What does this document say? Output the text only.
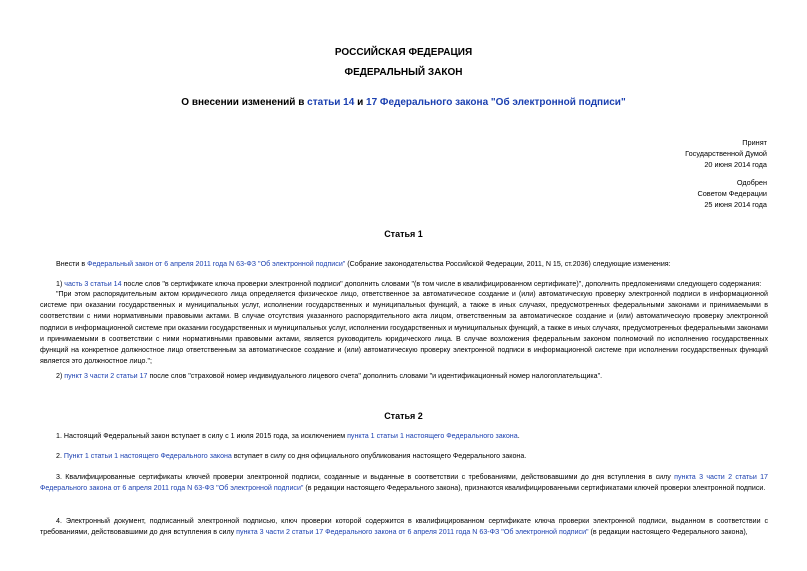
РОССИЙСКАЯ ФЕДЕРАЦИЯ
ФЕДЕРАЛЬНЫЙ ЗАКОН
О внесении изменений в статьи 14 и 17 Федерального закона "Об электронной подписи"
Принят
Государственной Думой
20 июня 2014 года
Одобрен
Советом Федерации
25 июня 2014 года
Статья 1
Внести в Федеральный закон от 6 апреля 2011 года N 63-ФЗ "Об электронной подписи" (Собрание законодательства Российской Федерации, 2011, N 15, ст.2036) следующие изменения:
1) часть 3 статьи 14 после слов "в сертификате ключа проверки электронной подписи" дополнить словами "(в том числе в квалифицированном сертификате)", дополнить предложениями следующего содержания:
"При этом распорядительным актом юридического лица определяется физическое лицо, ответственное за автоматическое создание и (или) автоматическую проверку электронной подписи в информационной системе при оказании государственных и муниципальных услуг, исполнении государственных и муниципальных функций, а также в иных случаях, предусмотренных федеральными законами и принимаемыми в соответствии с ними нормативными правовыми актами. В случае отсутствия указанного распорядительного акта лицом, ответственным за автоматическое создание и (или) автоматическую проверку электронной подписи в информационной системе при оказании государственных и муниципальных услуг, исполнении государственных и муниципальных функций, а также в иных случаях, предусмотренных федеральными законами и принимаемыми в соответствии с ними нормативными правовыми актами, является руководитель юридического лица. В случае возложения федеральным законом полномочий по исполнению государственных функций на конкретное должностное лицо ответственным за автоматическое создание и (или) автоматическую проверку электронной подписи в информационной системе при исполнении государственных функций является это должностное лицо.";
2) пункт 3 части 2 статьи 17 после слов "страховой номер индивидуального лицевого счета" дополнить словами "и идентификационный номер налогоплательщика".
Статья 2
1. Настоящий Федеральный закон вступает в силу с 1 июля 2015 года, за исключением пункта 1 статьи 1 настоящего Федерального закона.
2. Пункт 1 статьи 1 настоящего Федерального закона вступает в силу со дня официального опубликования настоящего Федерального закона.
3. Квалифицированные сертификаты ключей проверки электронной подписи, созданные и выданные в соответствии с требованиями, действовавшими до дня вступления в силу пункта 3 части 2 статьи 17 Федерального закона от 6 апреля 2011 года N 63-ФЗ "Об электронной подписи" (в редакции настоящего Федерального закона), признаются квалифицированными сертификатами ключей проверки электронной подписи.
4. Электронный документ, подписанный электронной подписью, ключ проверки которой содержится в квалифицированном сертификате ключа проверки электронной подписи, выданном в соответствии с требованиями, действовавшими до дня вступления в силу пункта 3 части 2 статьи 17 Федерального закона от 6 апреля 2011 года N 63-ФЗ "Об электронной подписи" (в редакции настоящего Федерального закона),
